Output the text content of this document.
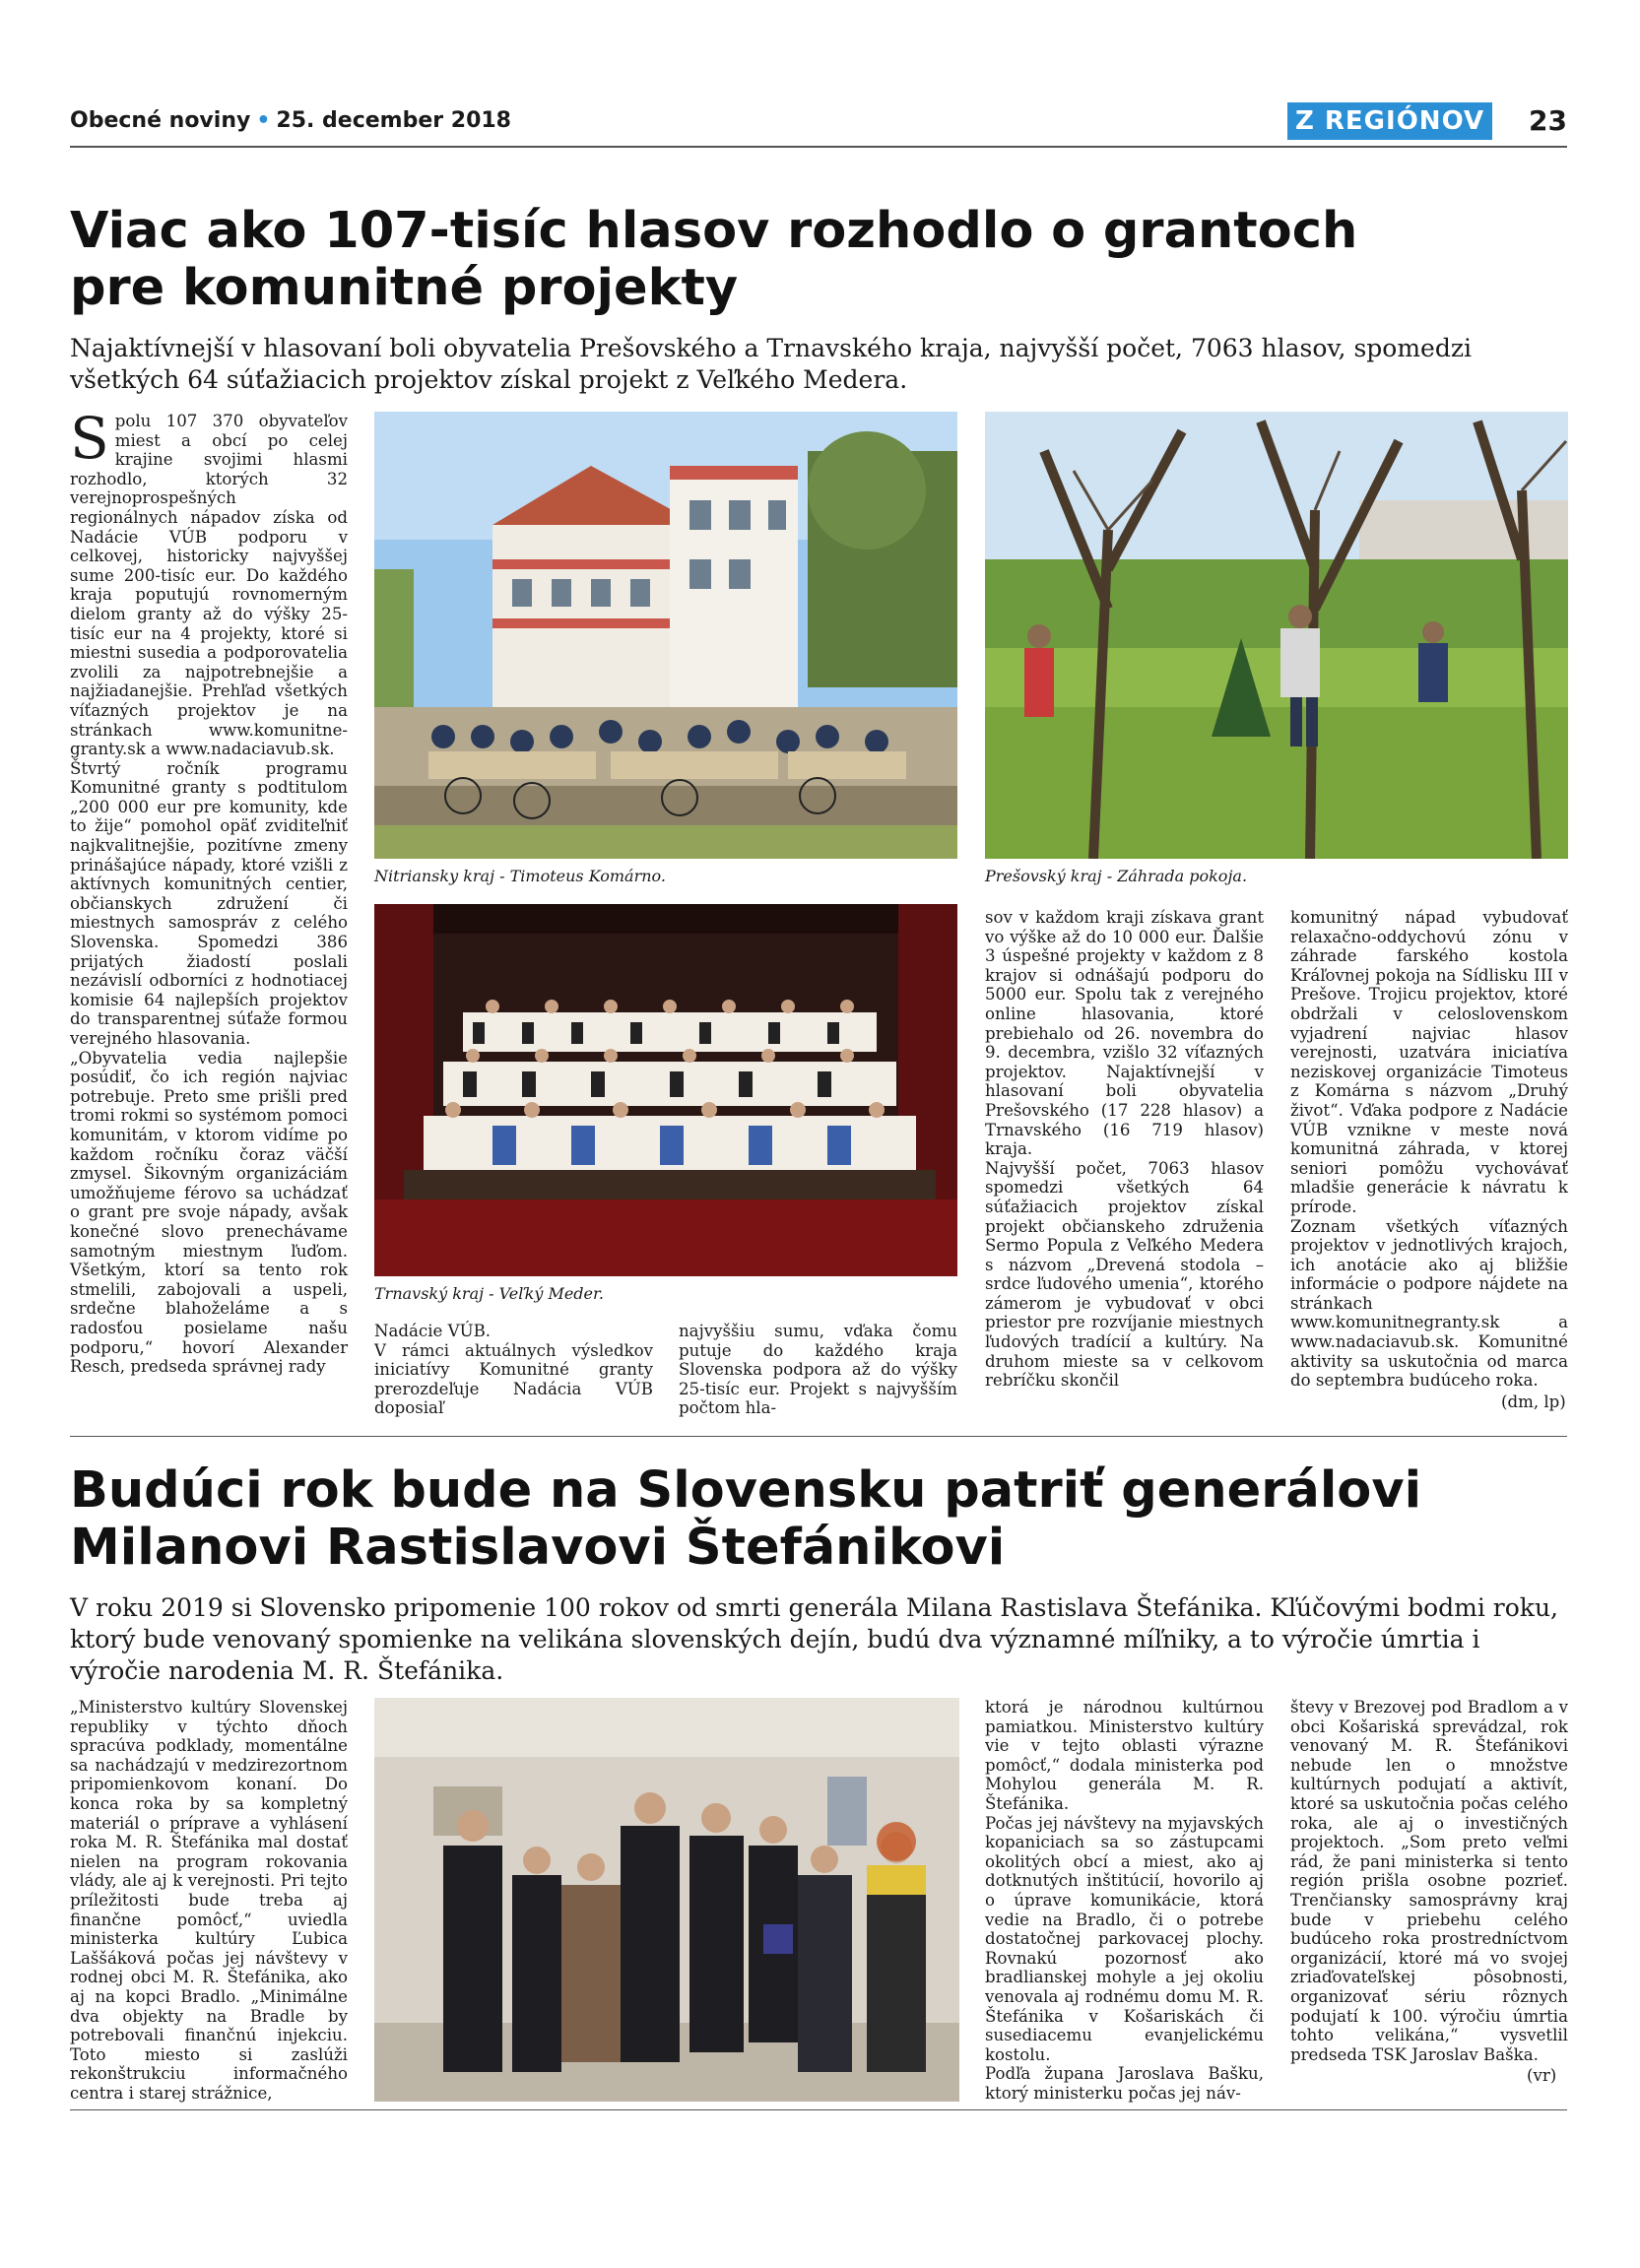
Obecné noviny • 25. december 2018	Z REGIÓNOV 23
Viac ako 107-tisíc hlasov rozhodlo o grantoch
pre komunitné projekty
Najaktívnejší v hlasovaní boli obyvatelia Prešovského a Trnavského kraja, najvyšší počet, 7063 hlasov, spomedzi všetkých 64 súťažiacich projektov získal projekt z Veľkého Medera.
Spolu 107 370 obyvateľov miest a obcí po celej krajine svojimi hlasmi rozhodlo, ktorých 32 verejnoprospešných regionálnych nápadov získa od Nadácie VÚB podporu v celkovej, historicky najvyššej sume 200-tisíc eur. Do každého kraja poputujú rovnomerným dielom granty až do výšky 25-tisíc eur na 4 projekty, ktoré si miestni susedia a podporovatelia zvolili za najpotrebnejšie a najžiadanejšie. Prehľad všetkých víťazných projektov je na stránkach www.komunitne-granty.sk a www.nadaciavub.sk.
Štvrtý ročník programu Komunitné granty s podtitulom „200 000 eur pre komunity, kde to žije“ pomohol opäť zviditeľniť najkvalitnejšie, pozitívne zmeny prinášajúce nápady, ktoré vzišli z aktívnych komunitných centier, občianskych združení či miestnych samospráv z celého Slovenska. Spomedzi 386 prijatých žiadostí poslali nezávislí odborníci z hodnotiacej komisie 64 najlepších projektov do transparentnej súťaže formou verejného hlasovania.
„Obyvatelia vedia najlepšie posúdiť, čo ich región najviac potrebuje. Preto sme prišli pred tromi rokmi so systémom pomoci komunitám, v ktorom vidíme po každom ročníku čoraz väčší zmysel. Šikovným organizáciám umožňujeme férovo sa uchádzať o grant pre svoje nápady, avšak konečné slovo prenechávame samotným miestnym ľuďom. Všetkým, ktorí sa tento rok stmelili, zabojovali a uspeli, srdečne blahoželáme a s radosťou posielame našu podporu,“ hovorí Alexander Resch, predseda správnej rady
Nitriansky kraj - Timoteus Komárno.	Prešovský kraj - Záhrada pokoja.
Trnavský kraj - Veľký Meder.
Nadácie VÚB.
V rámci aktuálnych výsledkov iniciatívy Komunitné granty prerozdeľuje Nadácia VÚB doposiaľ
najvyššiu sumu, vďaka čomu putuje do každého kraja Slovenska podpora až do výšky 25-tisíc eur. Projekt s najvyšším počtom hla-
sov v každom kraji získava grant vo výške až do 10 000 eur. Ďalšie 3 úspešné projekty v každom z 8 krajov si odnášajú podporu do 5000 eur. Spolu tak z verejného online hlasovania, ktoré prebiehalo od 26. novembra do 9. decembra, vzišlo 32 víťazných projektov. Najaktívnejší v hlasovaní boli obyvatelia Prešovského (17 228 hlasov) a Trnavského (16 719 hlasov) kraja.
Najvyšší počet, 7063 hlasov spomedzi všetkých 64 súťažiacich projektov získal projekt občianskeho združenia Sermo Popula z Veľkého Medera s názvom „Drevená stodola – srdce ľudového umenia“, ktorého zámerom je vybudovať v obci priestor pre rozvíjanie miestnych ľudových tradícií a kultúry. Na druhom mieste sa v celkovom rebríčku skončil
komunitný nápad vybudovať relaxačno-oddychovú zónu v záhrade farského kostola Kráľovnej pokoja na Sídlisku III v Prešove. Trojicu projektov, ktoré obdržali v celoslovenskom vyjadrení najviac hlasov verejnosti, uzatvára iniciatíva neziskovej organizácie Timoteus z Komárna s názvom „Druhý život“. Vďaka podpore z Nadácie VÚB vznikne v meste nová komunitná záhrada, v ktorej seniori pomôžu vychovávať mladšie generácie k návratu k prírode.
Zoznam všetkých víťazných projektov v jednotlivých krajoch, ich anotácie ako aj bližšie informácie o podpore nájdete na stránkach www.komunitnegranty.sk a www.nadaciavub.sk. Komunitné aktivity sa uskutočnia od marca do septembra budúceho roka.
(dm, lp)
Budúci rok bude na Slovensku patriť generálovi
Milanovi Rastislavovi Štefánikovi
V roku 2019 si Slovensko pripomenie 100 rokov od smrti generála Milana Rastislava Štefánika. Kľúčovými bodmi roku, ktorý bude venovaný spomienke na velikána slovenských dejín, budú dva významné míľniky, a to výročie úmrtia i výročie narodenia M. R. Štefánika.
„Ministerstvo kultúry Slovenskej republiky v týchto dňoch spracúva podklady, momentálne sa nachádzajú v medzirezortnom pripomienkovom konaní. Do konca roka by sa kompletný materiál o príprave a vyhlásení roka M. R. Štefánika mal dostať nielen na program rokovania vlády, ale aj k verejnosti. Pri tejto príležitosti bude treba aj finančne pomôcť,“ uviedla ministerka kultúry Ľubica Laššáková počas jej návštevy v rodnej obci M. R. Štefánika, ako aj na kopci Bradlo. „Minimálne dva objekty na Bradle by potrebovali finančnú injekciu. Toto miesto si zaslúži rekonštrukciu informačného centra i starej strážnice,
ktorá je národnou kultúrnou pamiatkou. Ministerstvo kultúry vie v tejto oblasti výrazne pomôcť,“ dodala ministerka pod Mohylou generála M. R. Štefánika.
Počas jej návštevy na myjavských kopaniciach sa so zástupcami okolitých obcí a miest, ako aj dotknutých inštitúcií, hovorilo aj o úprave komunikácie, ktorá vedie na Bradlo, či o potrebe dostatočnej parkovacej plochy. Rovnakú pozornosť ako bradlianskej mohyle a jej okoliu venovala aj rodnému domu M. R. Štefánika v Košariskách či susediacemu evanjelickému kostolu.
Podľa župana Jaroslava Bašku, ktorý ministerku počas jej náv-
števy v Brezovej pod Bradlom a v obci Košariská sprevádzal, rok venovaný M. R. Štefánikovi nebude len o množstve kultúrnych podujatí a aktivít, ktoré sa uskutočnia počas celého roka, ale aj o investičných projektoch. „Som preto veľmi rád, že pani ministerka si tento región prišla osobne pozrieť. Trenčiansky samosprávny kraj bude v priebehu celého budúceho roka prostredníctvom organizácií, ktoré má vo svojej zriaďovateľskej pôsobnosti, organizovať sériu rôznych podujatí k 100. výročiu úmrtia tohto velikána,“ vysvetlil predseda TSK Jaroslav Baška.
(vr)
